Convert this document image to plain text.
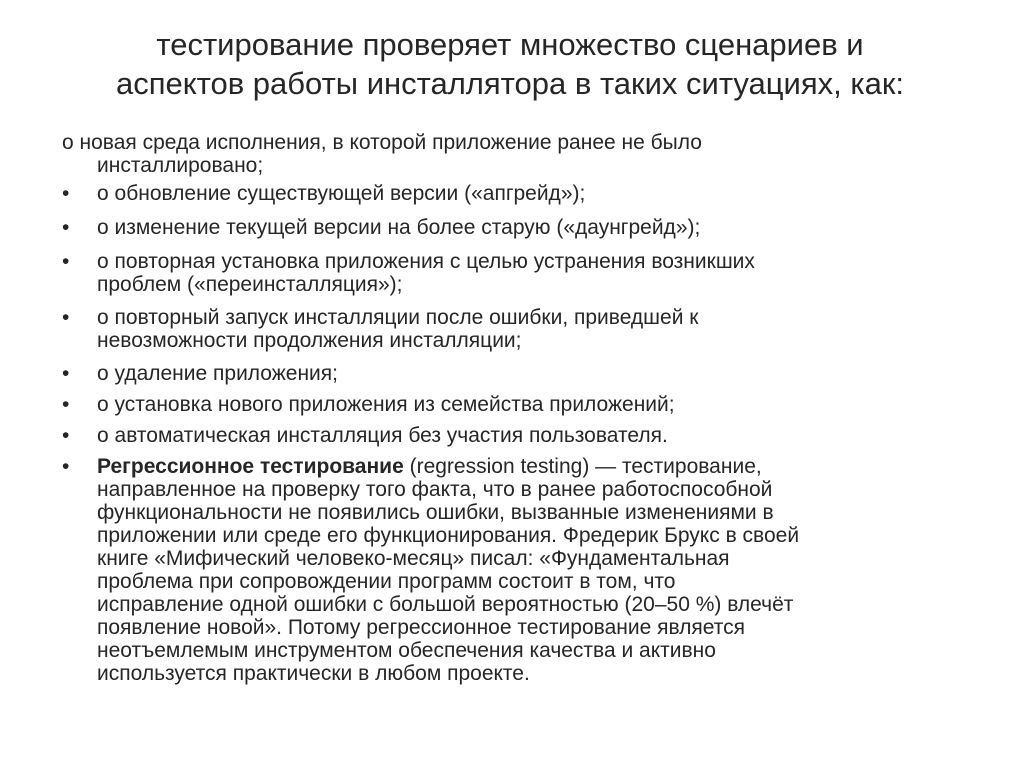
тестирование проверяет множество сценариев и
аспектов работы инсталлятора в таких ситуациях, как:
о новая среда исполнения, в которой приложение ранее не было
инсталлировано;
•	о обновление существующей версии («апгрейд»);
•	о изменение текущей версии на более старую («даунгрейд»);
•	о повторная установка приложения с целью устранения возникших
проблем («переинсталляция»);
•	о повторный запуск инсталляции после ошибки, приведшей к
невозможности продолжения инсталляции;
•	о удаление приложения;
•	о установка нового приложения из семейства приложений;
•	о автоматическая инсталляция без участия пользователя.
•	Регрессионное тестирование (regression testing) — тестирование,
направленное на проверку того факта, что в ранее работоспособной
функциональности не появились ошибки, вызванные изменениями в
приложении или среде его функционирования. Фредерик Брукс в своей
книге «Мифический человеко-месяц» писал: «Фундаментальная
проблема при сопровождении программ состоит в том, что
исправление одной ошибки с большой вероятностью (20–50 %) влечёт
появление новой». Потому регрессионное тестирование является
неотъемлемым инструментом обеспечения качества и активно
используется практически в любом проекте.
